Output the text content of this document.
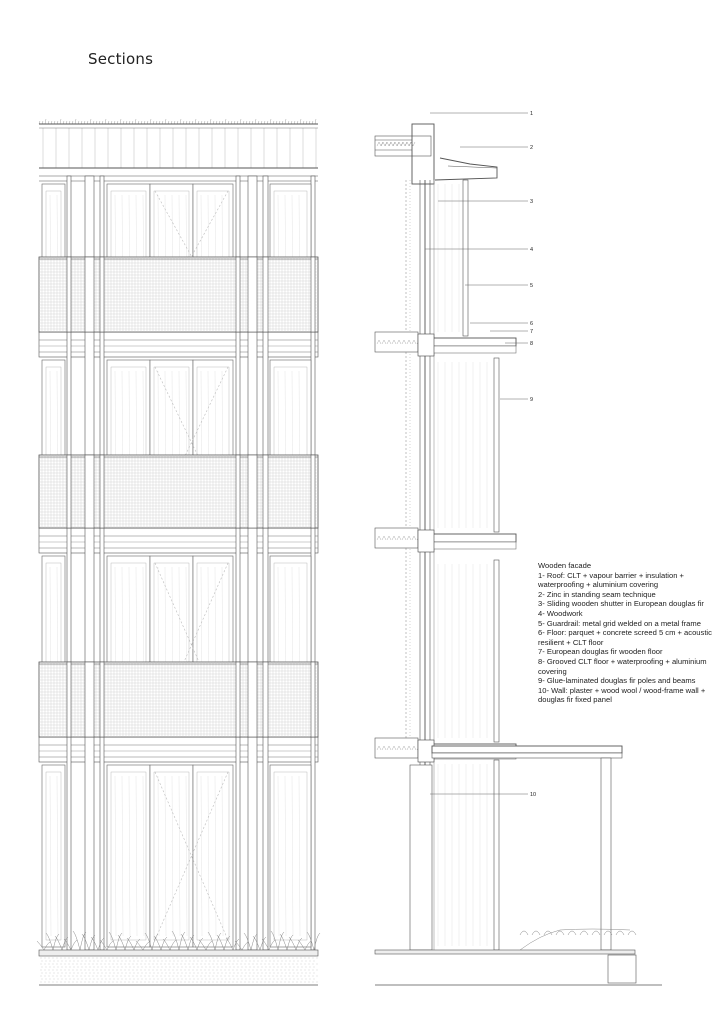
Sections
1
2
3
4
5
6
7
8
9
10
Wooden facade
1 - Roof: CLT + vapour barrier + insulation + waterproofing + aluminium covering
2 - Zinc in standing seam technique
3 - Sliding wooden shutter in European douglas fir
4 - Woodwork
5 - Guardrail: metal grid welded on a metal frame
6 - Floor: parquet + concrete screed 5 cm + acoustic resilient + CLT floor
7 - European douglas fir wooden floor
8 - Grooved CLT floor + waterproofing + aluminium covering
9 - Glue-laminated douglas fir poles and beams
10 - Wall: plaster + wood wool / wood-frame wall + douglas fir fixed panel
